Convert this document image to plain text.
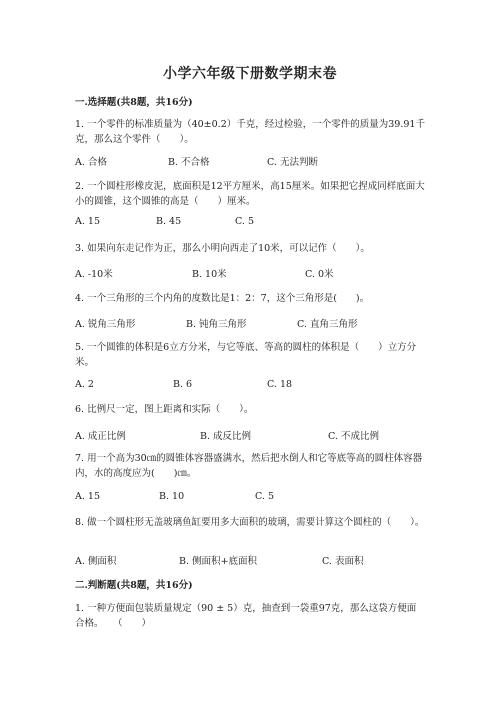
小学六年级下册数学期末卷
一.选择题(共8题，共16分)
1. 一个零件的标准质量为（40±0.2）千克，经过检验，一个零件的质量为39.91千克，那么这个零件（　　）。
A. 合格	B. 不合格	C. 无法判断
2. 一个圆柱形橡皮泥，底面积是12平方厘米，高15厘米。如果把它捏成同样底面大小的圆锥，这个圆锥的高是（　　）厘米。
A. 15	B. 45	C. 5
3. 如果向东走记作为正，那么小明向西走了10米，可以记作（　　）。
A. -10米	B. 10米	C. 0米
4. 一个三角形的三个内角的度数比是1：2：7，这个三角形是(　　)。
A. 锐角三角形	B. 钝角三角形	C. 直角三角形
5. 一个圆锥的体积是6立方分米，与它等底、等高的圆柱的体积是（　　）立方分米。
A. 2	B. 6	C. 18
6. 比例尺一定，图上距离和实际（　　）。
A. 成正比例	B. 成反比例	C. 不成比例
7. 用一个高为30㎝的圆锥体容器盛满水，然后把水倒人和它等底等高的圆柱体容器内，水的高度应为(　　)㎝。
A. 15	B. 10	C. 5
8. 做一个圆柱形无盖玻璃鱼缸要用多大面积的玻璃，需要计算这个圆柱的（　　）。
A. 侧面积	B. 侧面积+底面积	C. 表面积
二.判断题(共8题，共16分)
1. 一种方便面包装质量规定（90 ± 5）克，抽查到一袋重97克，那么这袋方便面合格。　　（　　）
